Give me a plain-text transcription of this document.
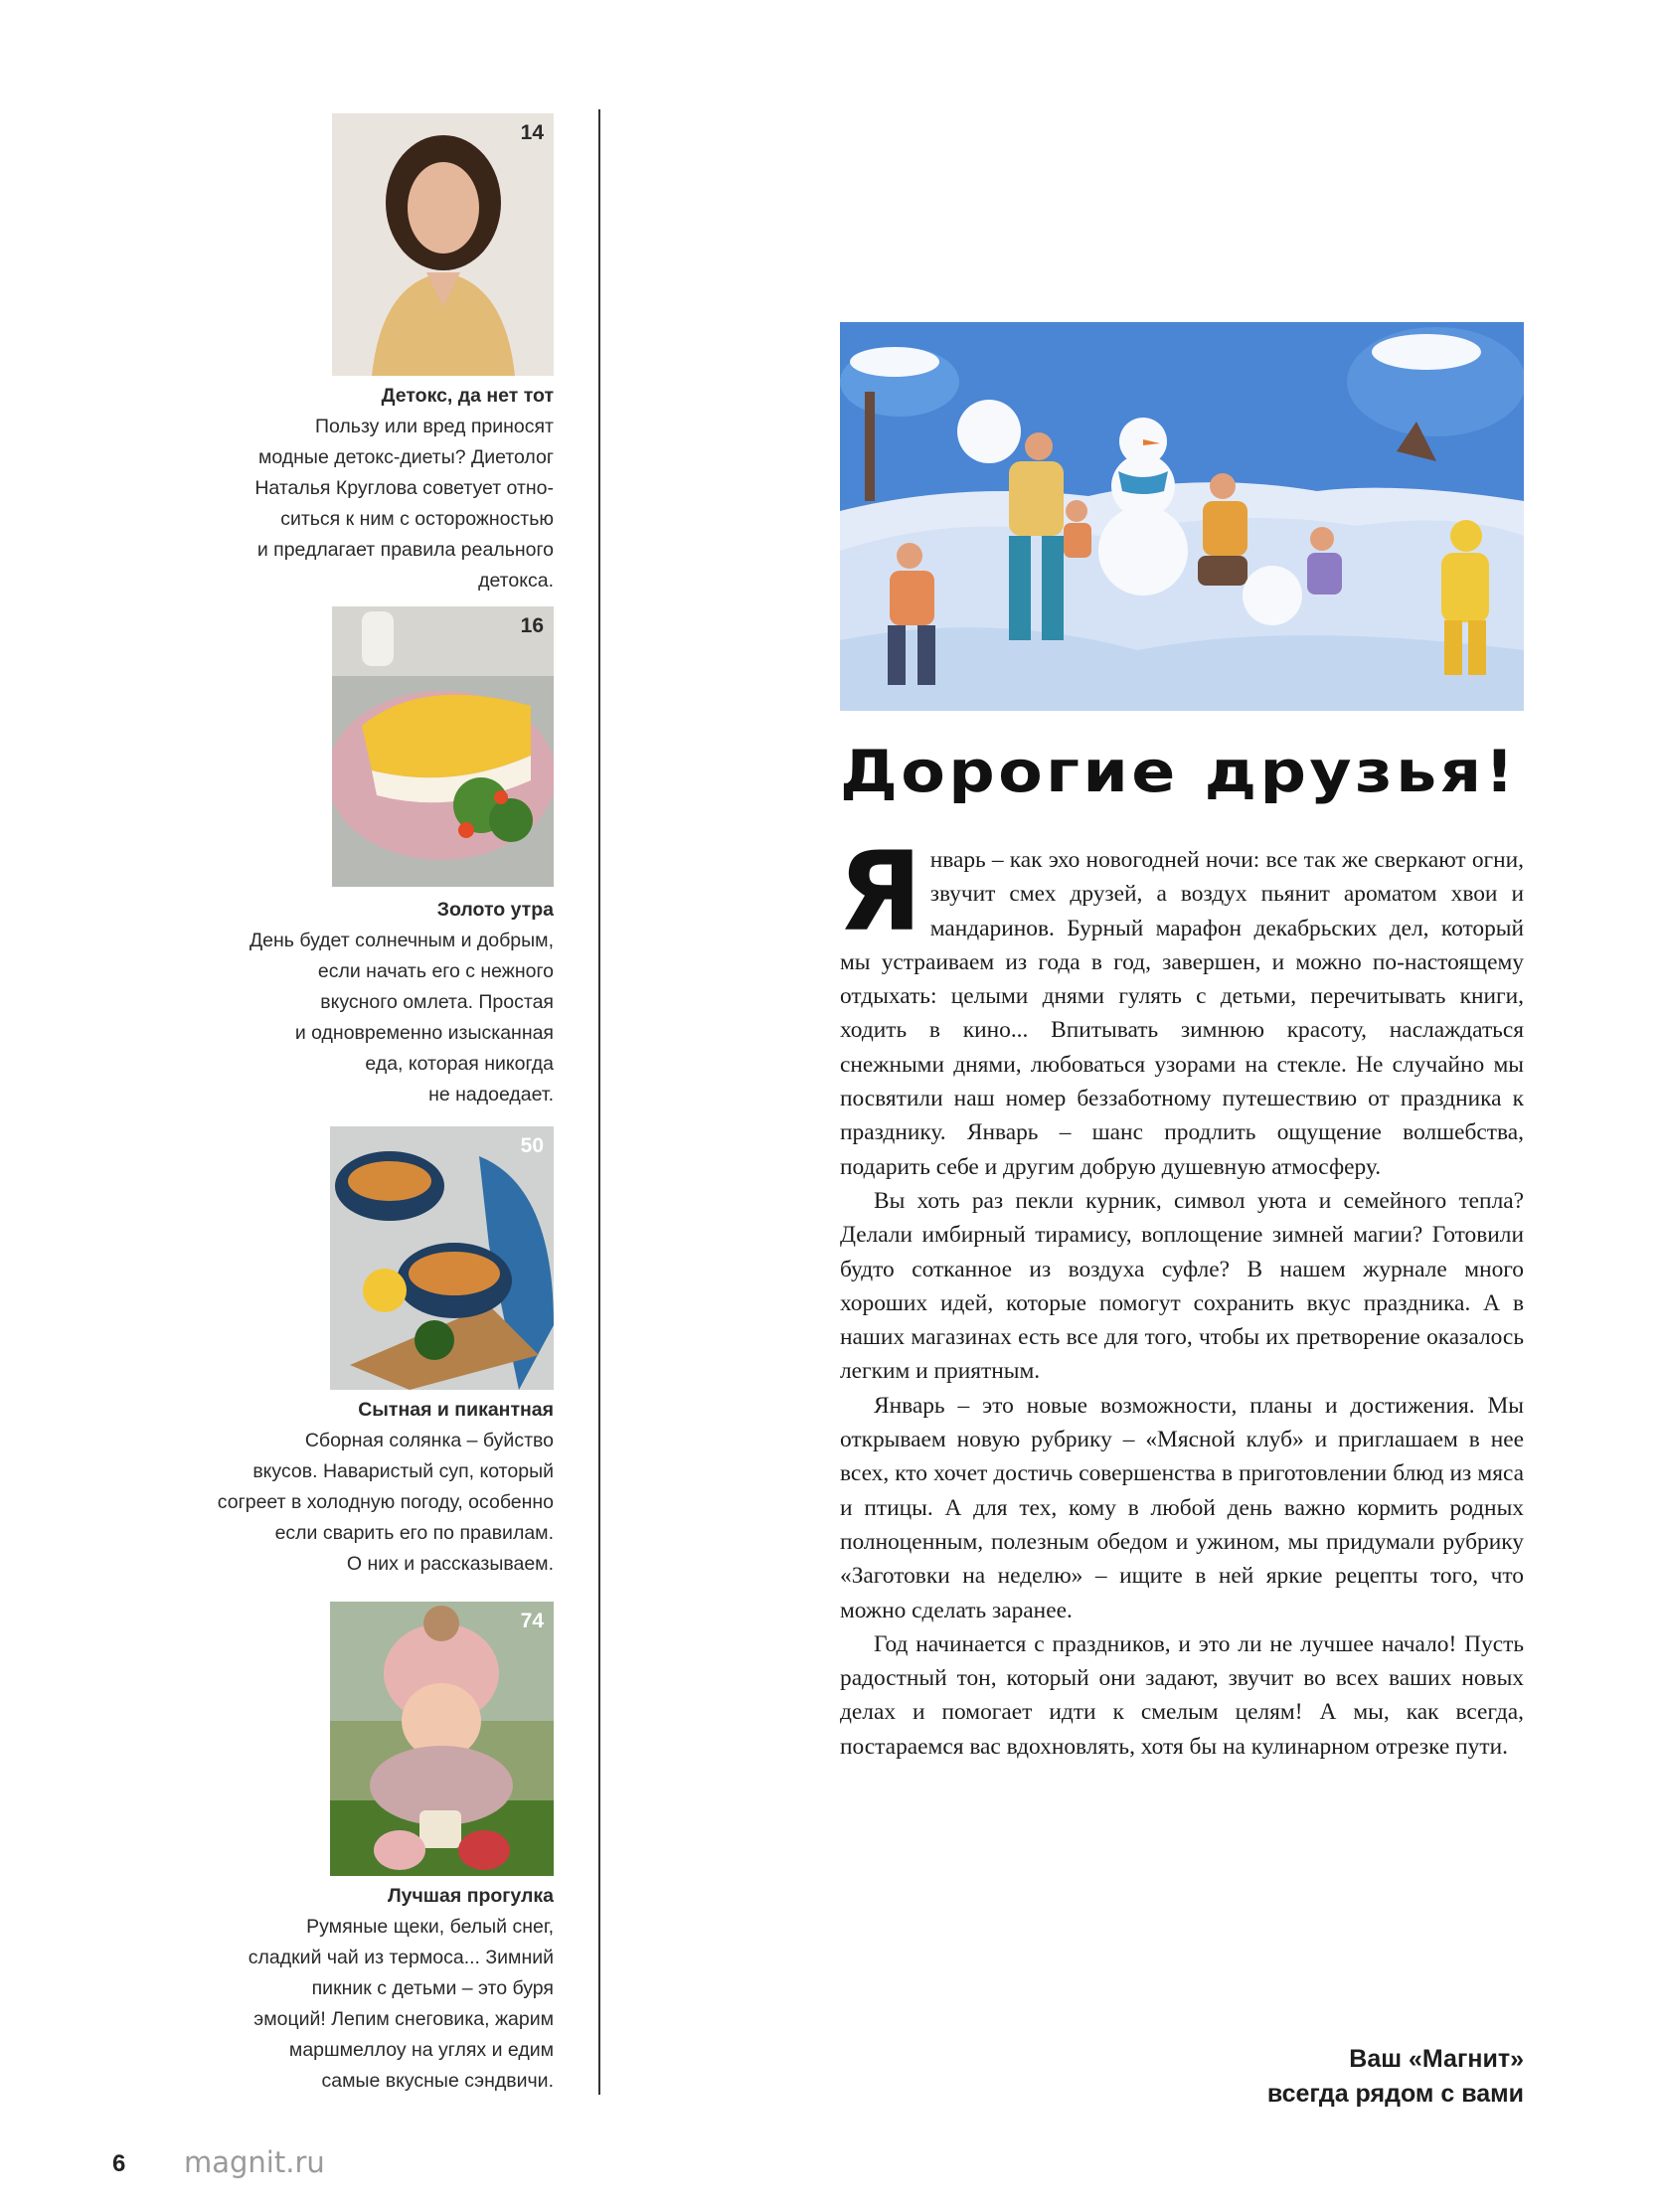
14
16
50
74
Детокс, да нет тот
Пользу или вред приносят
модные детокс-диеты? Диетолог
Наталья Круглова советует отно-
ситься к ним с осторожностью
и предлагает правила реального
детокса.
Золото утра
День будет солнечным и добрым,
если начать его с нежного
вкусного омлета. Простая
и одновременно изысканная
еда, которая никогда
не надоедает.
Сытная и пикантная
Сборная солянка – буйство
вкусов. Наваристый суп, который
согреет в холодную погоду, особенно
если сварить его по правилам.
О них и рассказываем.
Лучшая прогулка
Румяные щеки, белый снег,
сладкий чай из термоса... Зимний
пикник с детьми – это буря
эмоций! Лепим снеговика, жарим
маршмеллоу на углях и едим
самые вкусные сэндвичи.
Дорогие друзья!

Январь – как эхо новогодней ночи: все так же сверкают огни, звучит смех друзей, а воздух пьянит ароматом хвои и мандаринов. Бурный марафон декабрьских дел, который мы устраиваем из года в год, завершен, и можно по-настоящему отдыхать: целыми днями гулять с детьми, перечитывать книги, ходить в кино... Впитывать зимнюю красоту, наслаждаться снежными днями, любоваться узорами на стекле. Не случайно мы посвятили наш номер беззаботному путешествию от праздника к празднику. Январь – шанс продлить ощущение волшебства, подарить себе и другим добрую душевную атмосферу.

Вы хоть раз пекли курник, символ уюта и семейного тепла? Делали имбирный тирамису, воплощение зимней магии? Готовили будто сотканное из воздуха суфле? В нашем журнале много хороших идей, которые помогут сохранить вкус праздника. А в наших магазинах есть все для того, чтобы их претворение оказалось легким и приятным.

Январь – это новые возможности, планы и достижения. Мы открываем новую рубрику – «Мясной клуб» и приглашаем в нее всех, кто хочет достичь совершенства в приготовлении блюд из мяса и птицы. А для тех, кому в любой день важно кормить родных полноценным, полезным обедом и ужином, мы придумали рубрику «Заготовки на неделю» – ищите в ней яркие рецепты того, что можно сделать заранее.

Год начинается с праздников, и это ли не лучшее начало! Пусть радостный тон, который они задают, звучит во всех ваших новых делах и помогает идти к смелым целям! А мы, как всегда, постараемся вас вдохновлять, хотя бы на кулинарном отрезке пути.

Ваш «Магнит»
всегда рядом с вами
6 magnit.ru
